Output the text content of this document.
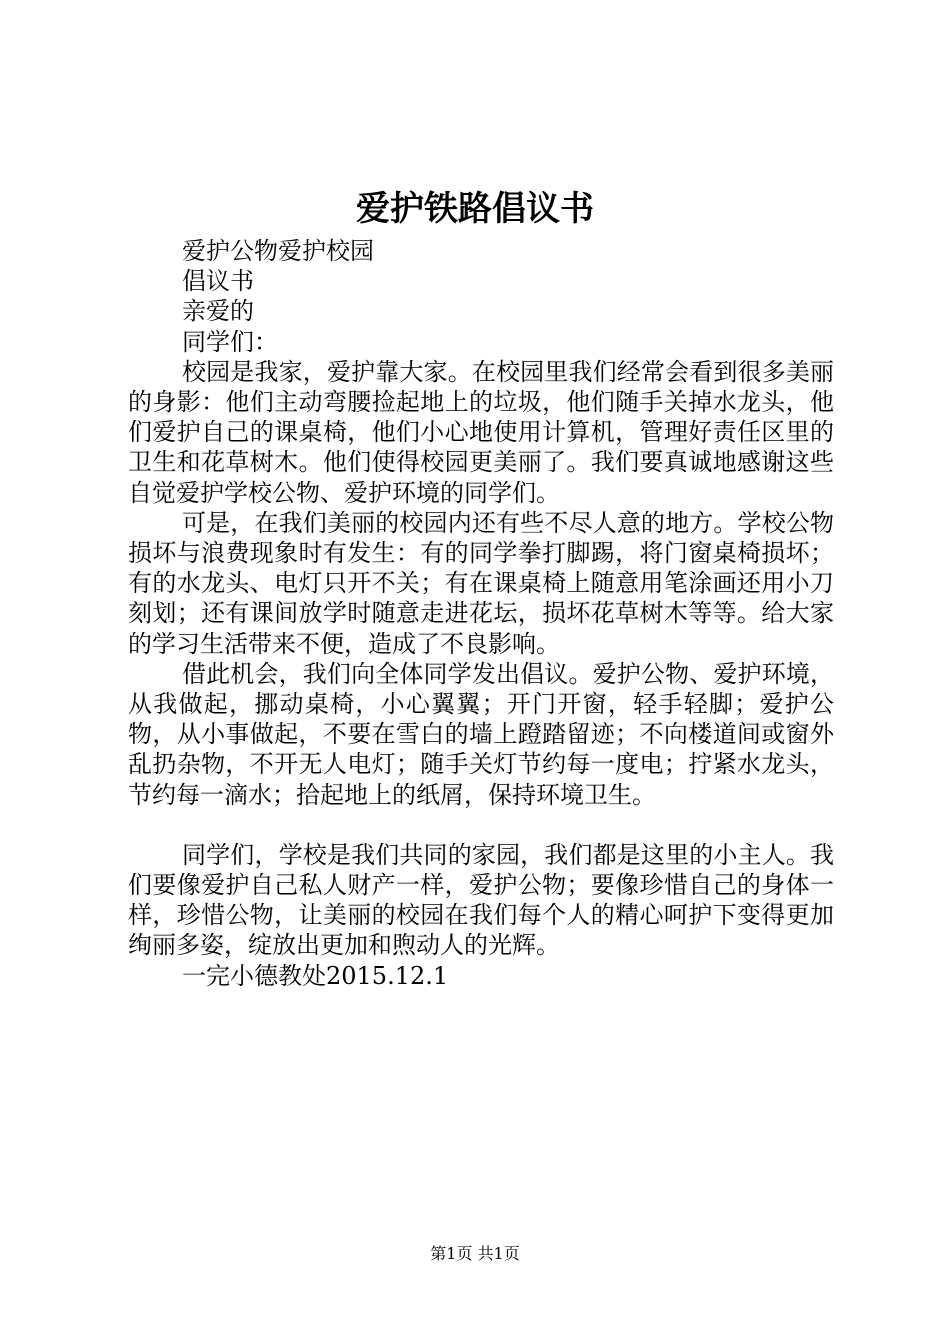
爱护铁路倡议书

爱护公物爱护校园

倡议书

亲爱的

同学们：

校园是我家，爱护靠大家。在校园里我们经常会看到很多美丽的身影：他们主动弯腰捡起地上的垃圾，他们随手关掉水龙头，他们爱护自己的课桌椅，他们小心地使用计算机，管理好责任区里的卫生和花草树木。他们使得校园更美丽了。我们要真诚地感谢这些自觉爱护学校公物、爱护环境的同学们。

可是，在我们美丽的校园内还有些不尽人意的地方。学校公物损坏与浪费现象时有发生：有的同学拳打脚踢，将门窗桌椅损坏；有的水龙头、电灯只开不关；有在课桌椅上随意用笔涂画还用小刀刻划；还有课间放学时随意走进花坛，损坏花草树木等等。给大家的学习生活带来不便，造成了不良影响。

借此机会，我们向全体同学发出倡议。爱护公物、爱护环境，从我做起，挪动桌椅，小心翼翼；开门开窗，轻手轻脚；爱护公物，从小事做起，不要在雪白的墙上蹬踏留迹；不向楼道间或窗外乱扔杂物，不开无人电灯；随手关灯节约每一度电；拧紧水龙头，节约每一滴水；拾起地上的纸屑，保持环境卫生。

同学们，学校是我们共同的家园，我们都是这里的小主人。我们要像爱护自己私人财产一样，爱护公物；要像珍惜自己的身体一样，珍惜公物，让美丽的校园在我们每个人的精心呵护下变得更加绚丽多姿，绽放出更加和煦动人的光辉。

一完小德教处2015.12.1

第1页 共1页
